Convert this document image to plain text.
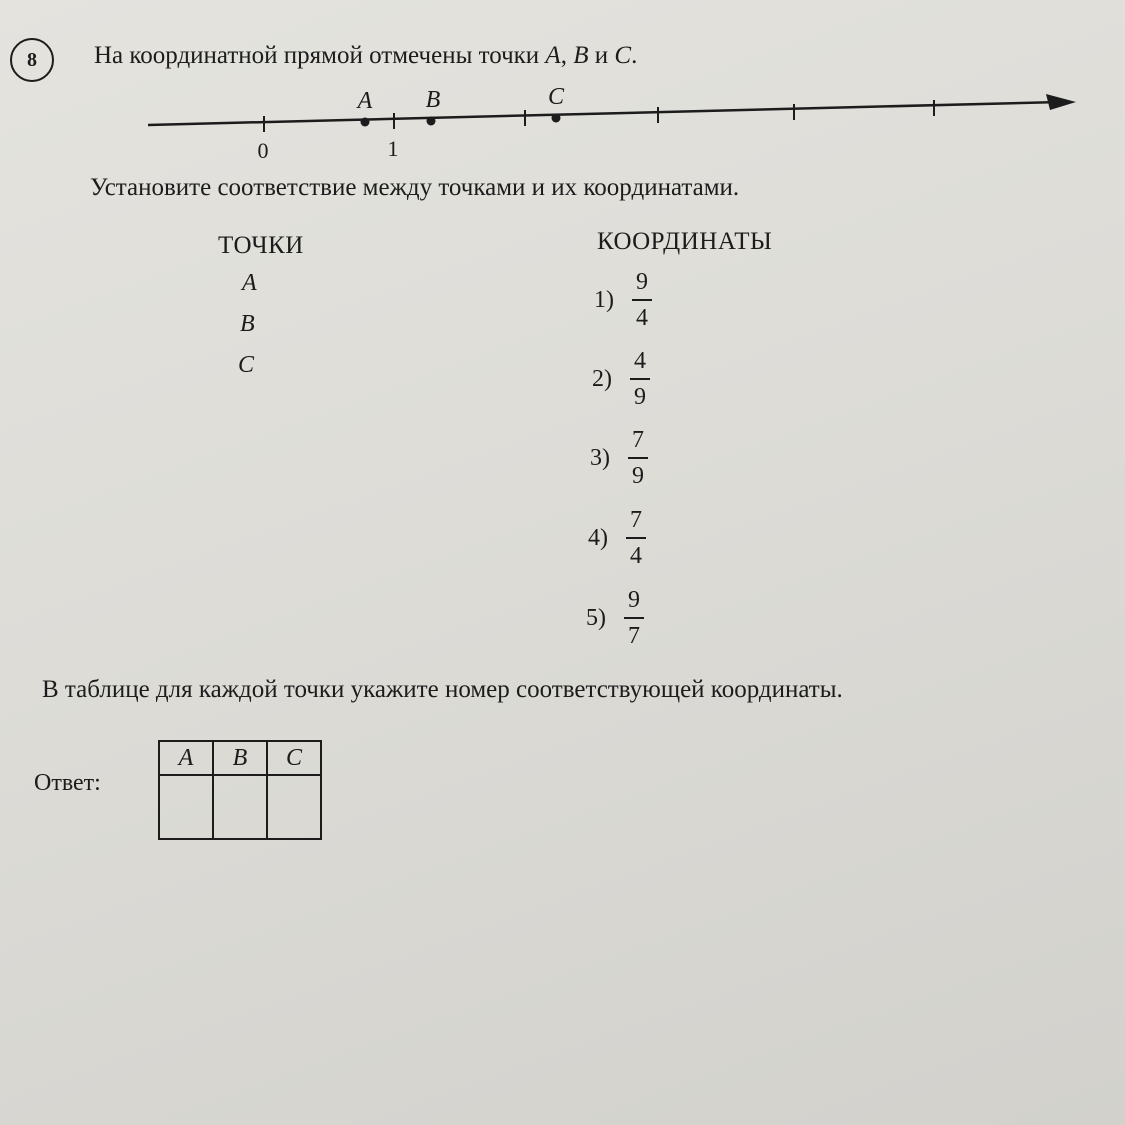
8 На координатной прямой отмечены точки A, B и C.
A B	C
0	1
Установите соответствие между точками и их координатами.
ТОЧКИ
A
B
C
КООРДИНАТЫ
$1) \frac{9}{4}$
$2) \frac{4}{9}$
$3) \frac{7}{9}$
$4) \frac{7}{4}$
$5) \frac{9}{7}$
В таблице для каждой точки укажите номер соответствующей координаты.
Ответ:
A	B	C
